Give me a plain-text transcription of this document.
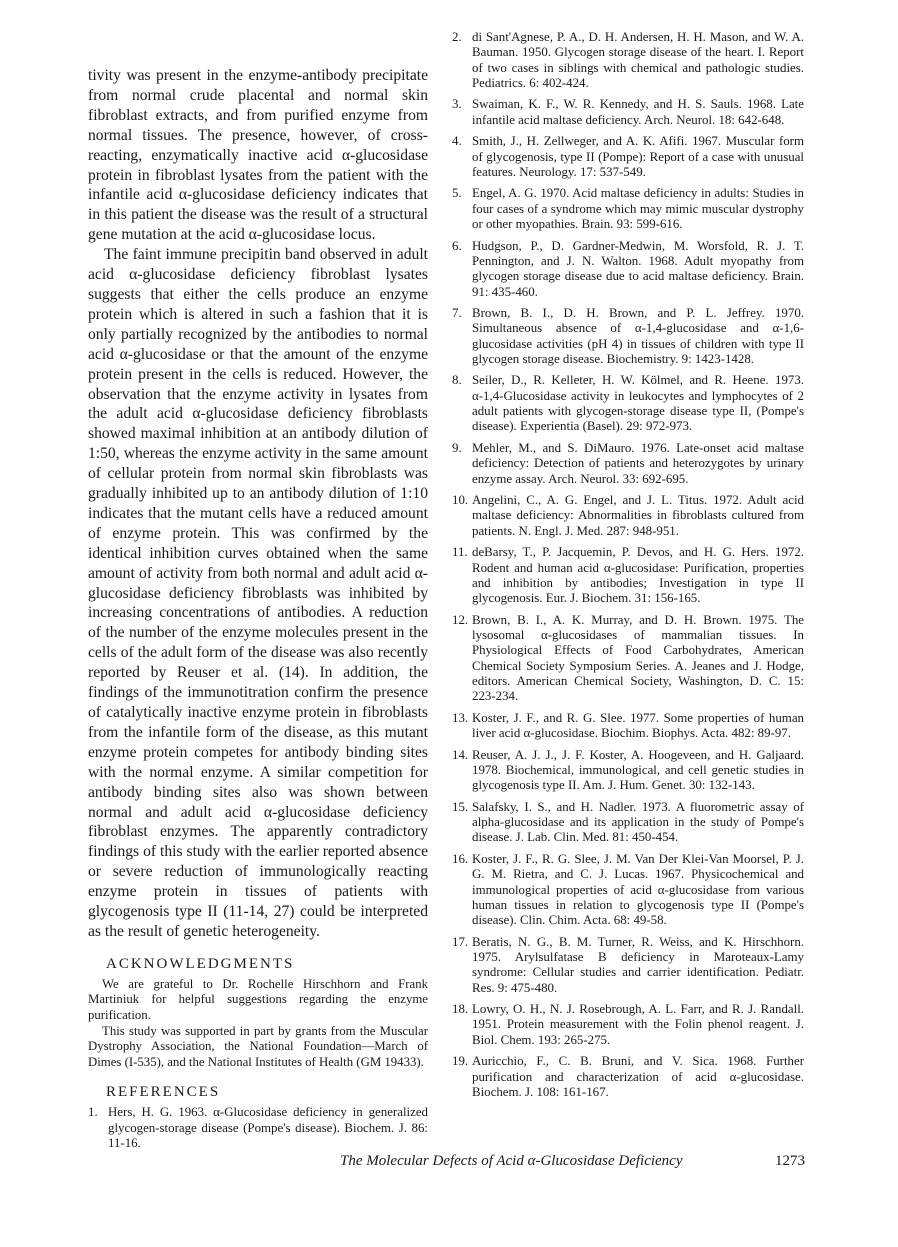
tivity was present in the enzyme-antibody precipitate from normal crude placental and normal skin fibroblast extracts, and from purified enzyme from normal tissues. The presence, however, of cross-reacting, enzymatically inactive acid α-glucosidase protein in fibroblast lysates from the patient with the infantile acid α-glucosidase deficiency indicates that in this patient the disease was the result of a structural gene mutation at the acid α-glucosidase locus.

The faint immune precipitin band observed in adult acid α-glucosidase deficiency fibroblast lysates suggests that either the cells produce an enzyme protein which is altered in such a fashion that it is only partially recognized by the antibodies to normal acid α-glucosidase or that the amount of the enzyme protein present in the cells is reduced. However, the observation that the enzyme activity in lysates from the adult acid α-glucosidase deficiency fibroblasts showed maximal inhibition at an antibody dilution of 1:50, whereas the enzyme activity in the same amount of cellular protein from normal skin fibroblasts was gradually inhibited up to an antibody dilution of 1:10 indicates that the mutant cells have a reduced amount of enzyme protein. This was confirmed by the identical inhibition curves obtained when the same amount of activity from both normal and adult acid α-glucosidase deficiency fibroblasts was inhibited by increasing concentrations of antibodies. A reduction of the number of the enzyme molecules present in the cells of the adult form of the disease was also recently reported by Reuser et al. (14). In addition, the findings of the immunotitration confirm the presence of catalytically inactive enzyme protein in fibroblasts from the infantile form of the disease, as this mutant enzyme protein competes for antibody binding sites with the normal enzyme. A similar competition for antibody binding sites also was shown between normal and adult acid α-glucosidase deficiency fibroblast enzymes. The apparently contradictory findings of this study with the earlier reported absence or severe reduction of immunologically reacting enzyme protein in tissues of patients with glycogenosis type II (11-14, 27) could be interpreted as the result of genetic heterogeneity.

ACKNOWLEDGMENTS

We are grateful to Dr. Rochelle Hirschhorn and Frank Martiniuk for helpful suggestions regarding the enzyme purification.

This study was supported in part by grants from the Muscular Dystrophy Association, the National Foundation—March of Dimes (I-535), and the National Institutes of Health (GM 19433).

REFERENCES
1. Hers, H. G. 1963. α-Glucosidase deficiency in generalized glycogen-storage disease (Pompe's disease). Biochem. J. 86: 11-16.
2. di Sant'Agnese, P. A., D. H. Andersen, H. H. Mason, and W. A. Bauman. 1950. Glycogen storage disease of the heart. I. Report of two cases in siblings with chemical and pathologic studies. Pediatrics. 6: 402-424.
3. Swaiman, K. F., W. R. Kennedy, and H. S. Sauls. 1968. Late infantile acid maltase deficiency. Arch. Neurol. 18: 642-648.
4. Smith, J., H. Zellweger, and A. K. Afifi. 1967. Muscular form of glycogenosis, type II (Pompe): Report of a case with unusual features. Neurology. 17: 537-549.
5. Engel, A. G. 1970. Acid maltase deficiency in adults: Studies in four cases of a syndrome which may mimic muscular dystrophy or other myopathies. Brain. 93: 599-616.
6. Hudgson, P., D. Gardner-Medwin, M. Worsfold, R. J. T. Pennington, and J. N. Walton. 1968. Adult myopathy from glycogen storage disease due to acid maltase deficiency. Brain. 91: 435-460.
7. Brown, B. I., D. H. Brown, and P. L. Jeffrey. 1970. Simultaneous absence of α-1,4-glucosidase and α-1,6-glucosidase activities (pH 4) in tissues of children with type II glycogen storage disease. Biochemistry. 9: 1423-1428.
8. Seiler, D., R. Kelleter, H. W. Kölmel, and R. Heene. 1973. α-1,4-Glucosidase activity in leukocytes and lymphocytes of 2 adult patients with glycogen-storage disease type II, (Pompe's disease). Experientia (Basel). 29: 972-973.
9. Mehler, M., and S. DiMauro. 1976. Late-onset acid maltase deficiency: Detection of patients and heterozygotes by urinary enzyme assay. Arch. Neurol. 33: 692-695.
10. Angelini, C., A. G. Engel, and J. L. Titus. 1972. Adult acid maltase deficiency: Abnormalities in fibroblasts cultured from patients. N. Engl. J. Med. 287: 948-951.
11. deBarsy, T., P. Jacquemin, P. Devos, and H. G. Hers. 1972. Rodent and human acid α-glucosidase: Purification, properties and inhibition by antibodies; Investigation in type II glycogenosis. Eur. J. Biochem. 31: 156-165.
12. Brown, B. I., A. K. Murray, and D. H. Brown. 1975. The lysosomal α-glucosidases of mammalian tissues. In Physiological Effects of Food Carbohydrates, American Chemical Society Symposium Series. A. Jeanes and J. Hodge, editors. American Chemical Society, Washington, D. C. 15: 223-234.
13. Koster, J. F., and R. G. Slee. 1977. Some properties of human liver acid α-glucosidase. Biochim. Biophys. Acta. 482: 89-97.
14. Reuser, A. J. J., J. F. Koster, A. Hoogeveen, and H. Galjaard. 1978. Biochemical, immunological, and cell genetic studies in glycogenosis type II. Am. J. Hum. Genet. 30: 132-143.
15. Salafsky, I. S., and H. Nadler. 1973. A fluorometric assay of alpha-glucosidase and its application in the study of Pompe's disease. J. Lab. Clin. Med. 81: 450-454.
16. Koster, J. F., R. G. Slee, J. M. Van Der Klei-Van Moorsel, P. J. G. M. Rietra, and C. J. Lucas. 1967. Physicochemical and immunological properties of acid α-glucosidase from various human tissues in relation to glycogenosis type II (Pompe's disease). Clin. Chim. Acta. 68: 49-58.
17. Beratis, N. G., B. M. Turner, R. Weiss, and K. Hirschhorn. 1975. Arylsulfatase B deficiency in Maroteaux-Lamy syndrome: Cellular studies and carrier identification. Pediatr. Res. 9: 475-480.
18. Lowry, O. H., N. J. Rosebrough, A. L. Farr, and R. J. Randall. 1951. Protein measurement with the Folin phenol reagent. J. Biol. Chem. 193: 265-275.
19. Auricchio, F., C. B. Bruni, and V. Sica. 1968. Further purification and characterization of acid α-glucosidase. Biochem. J. 108: 161-167.
The Molecular Defects of Acid α-Glucosidase Deficiency	1273
